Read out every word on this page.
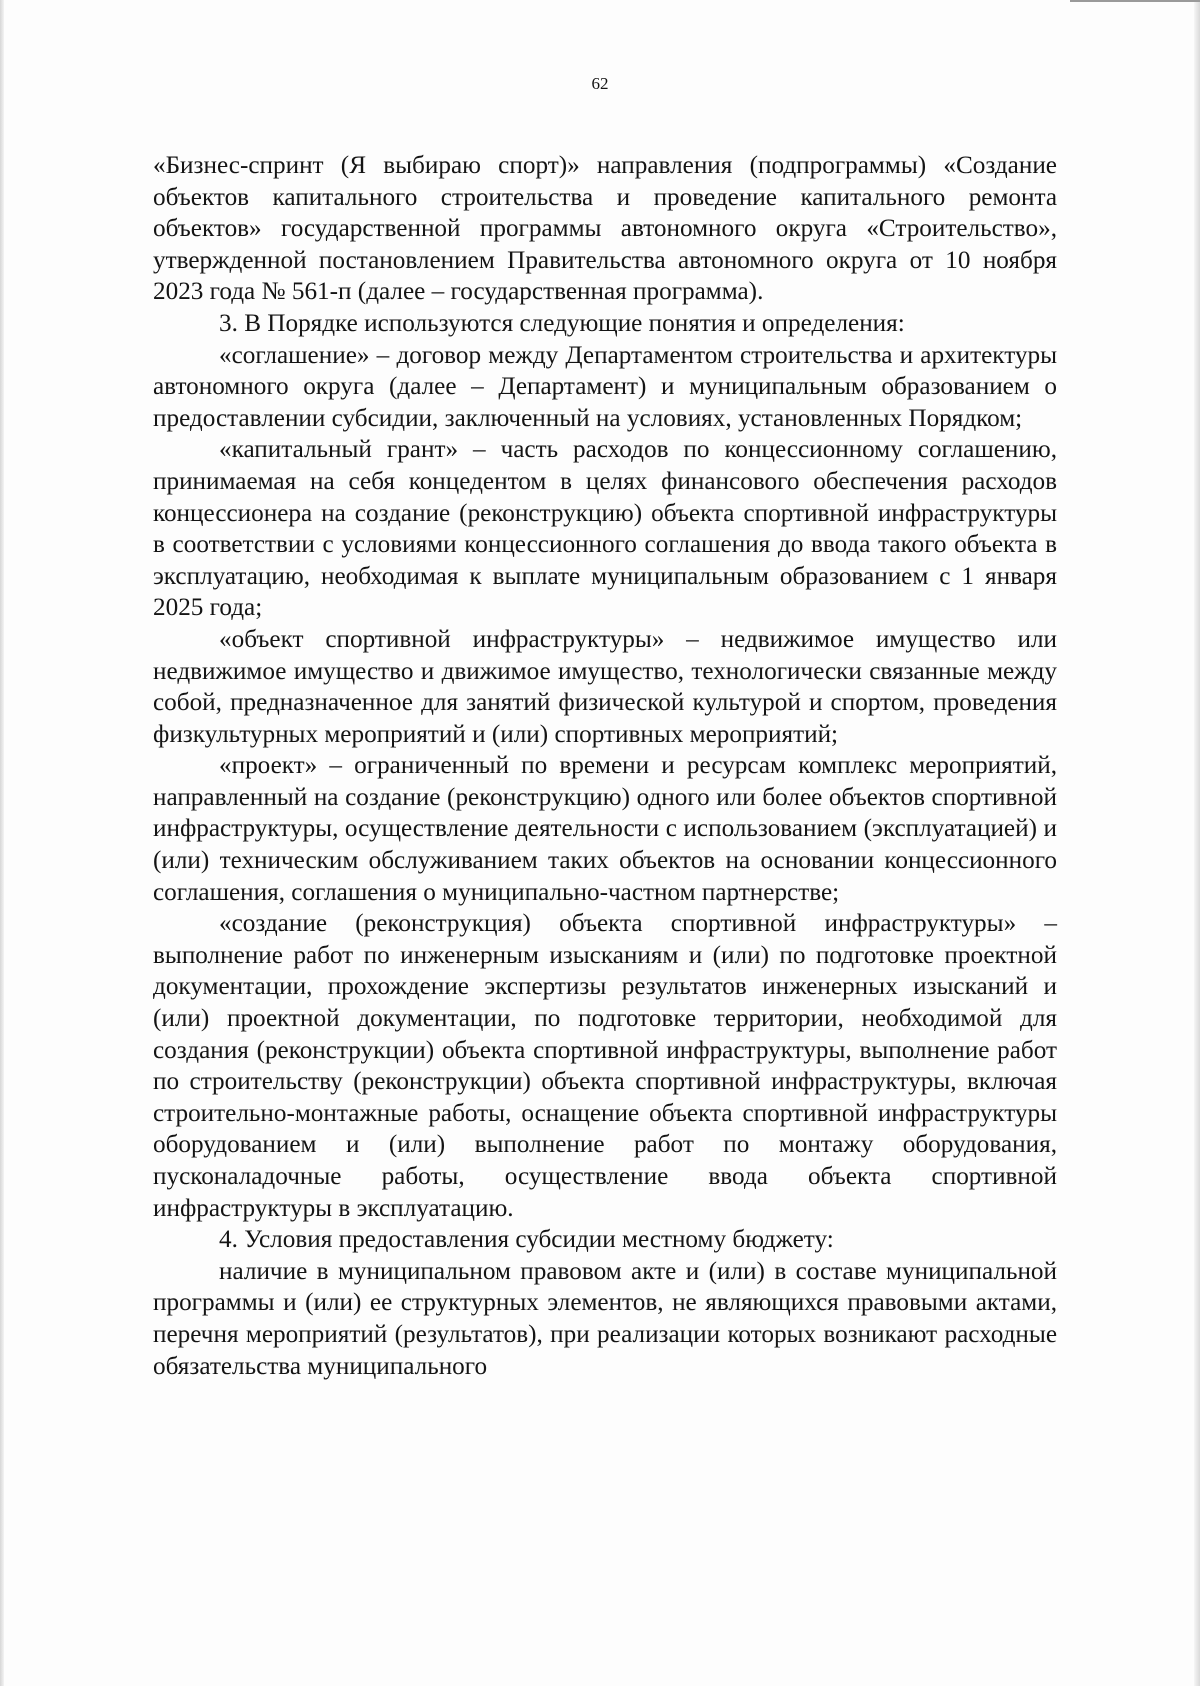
62

«Бизнес-спринт (Я выбираю спорт)» направления (подпрограммы) «Создание объектов капитального строительства и проведение капитального ремонта объектов» государственной программы автономного округа «Строительство», утвержденной постановлением Правительства автономного округа от 10 ноября 2023 года № 561-п (далее – государственная программа).

3. В Порядке используются следующие понятия и определения:

«соглашение» – договор между Департаментом строительства и архитектуры автономного округа (далее – Департамент) и муниципальным образованием о предоставлении субсидии, заключенный на условиях, установленных Порядком;

«капитальный грант» – часть расходов по концессионному соглашению, принимаемая на себя концедентом в целях финансового обеспечения расходов концессионера на создание (реконструкцию) объекта спортивной инфраструктуры в соответствии с условиями концессионного соглашения до ввода такого объекта в эксплуатацию, необходимая к выплате муниципальным образованием с 1 января 2025 года;

«объект спортивной инфраструктуры» – недвижимое имущество или недвижимое имущество и движимое имущество, технологически связанные между собой, предназначенное для занятий физической культурой и спортом, проведения физкультурных мероприятий и (или) спортивных мероприятий;

«проект» – ограниченный по времени и ресурсам комплекс мероприятий, направленный на создание (реконструкцию) одного или более объектов спортивной инфраструктуры, осуществление деятельности с использованием (эксплуатацией) и (или) техническим обслуживанием таких объектов на основании концессионного соглашения, соглашения о муниципально-частном партнерстве;

«создание (реконструкция) объекта спортивной инфраструктуры» – выполнение работ по инженерным изысканиям и (или) по подготовке проектной документации, прохождение экспертизы результатов инженерных изысканий и (или) проектной документации, по подготовке территории, необходимой для создания (реконструкции) объекта спортивной инфраструктуры, выполнение работ по строительству (реконструкции) объекта спортивной инфраструктуры, включая строительно-монтажные работы, оснащение объекта спортивной инфраструктуры оборудованием и (или) выполнение работ по монтажу оборудования, пусконаладочные работы, осуществление ввода объекта спортивной инфраструктуры в эксплуатацию.

4. Условия предоставления субсидии местному бюджету:

наличие в муниципальном правовом акте и (или) в составе муниципальной программы и (или) ее структурных элементов, не являющихся правовыми актами, перечня мероприятий (результатов), при реализации которых возникают расходные обязательства муниципального
